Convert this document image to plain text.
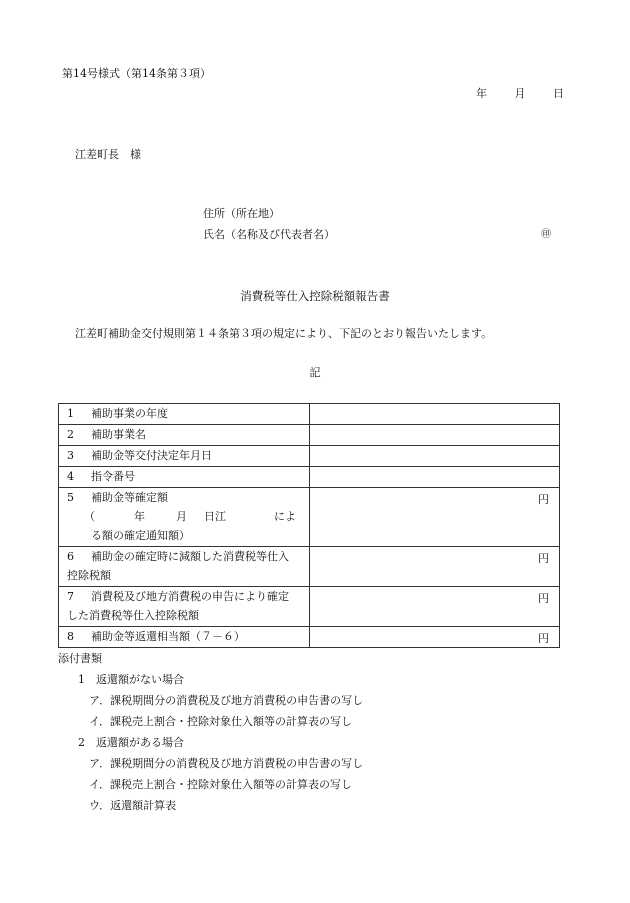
第14号様式（第14条第３項）
年	月	日
江差町長　様
住所（所在地）
氏名（名称及び代表者名）	㊞
消費税等仕入控除税額報告書
江差町補助金交付規則第１４条第３項の規定により、下記のとおり報告いたします。
記
1 補助事業の年度	

2 補助事業名	

3 補助金等交付決定年月日	

4 指令番号	

5 補助金等確定額
（ 年 月 日江 によ
る額の確定通知額）	円

6 補助金の確定時に減額した消費税等仕入
控除税額	円

7 消費税及び地方消費税の申告により確定
した消費税等仕入控除税額	円

8 補助金等返還相当額（７－６）	円
添付書類
1　返還額がない場合
ア．課税期間分の消費税及び地方消費税の申告書の写し
イ．課税売上割合・控除対象仕入額等の計算表の写し
2　返還額がある場合
ア．課税期間分の消費税及び地方消費税の申告書の写し
イ．課税売上割合・控除対象仕入額等の計算表の写し
ウ．返還額計算表
